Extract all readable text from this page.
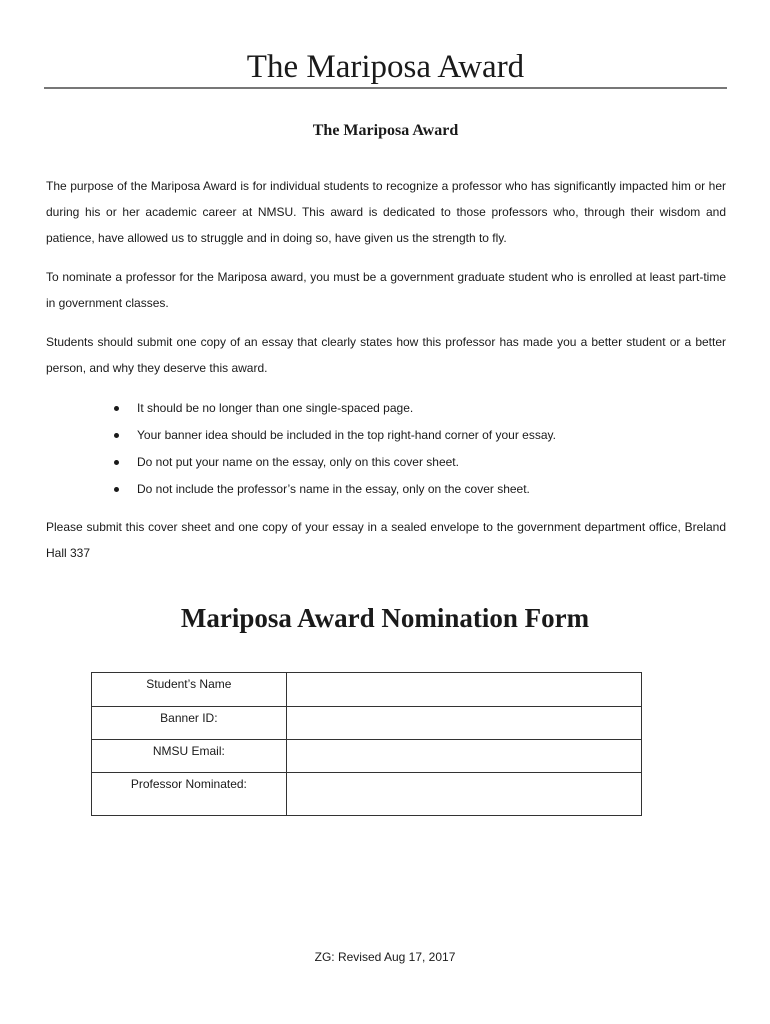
The Mariposa Award
The Mariposa Award

The purpose of the Mariposa Award is for individual students to recognize a professor who has significantly impacted him or her during his or her academic career at NMSU. This award is dedicated to those professors who, through their wisdom and patience, have allowed us to struggle and in doing so, have given us the strength to fly.

To nominate a professor for the Mariposa award, you must be a government graduate student who is enrolled at least part-time in government classes.

Students should submit one copy of an essay that clearly states how this professor has made you a better student or a better person, and why they deserve this award.

It should be no longer than one single-spaced page.
Your banner idea should be included in the top right-hand corner of your essay.
Do not put your name on the essay, only on this cover sheet.
Do not include the professor’s name in the essay, only on the cover sheet.

Please submit this cover sheet and one copy of your essay in a sealed envelope to the government department office, Breland Hall 337

Mariposa Award Nomination Form
Student’s Name	
Banner ID:	
NMSU Email:	
Professor Nominated:	
ZG: Revised Aug 17, 2017
